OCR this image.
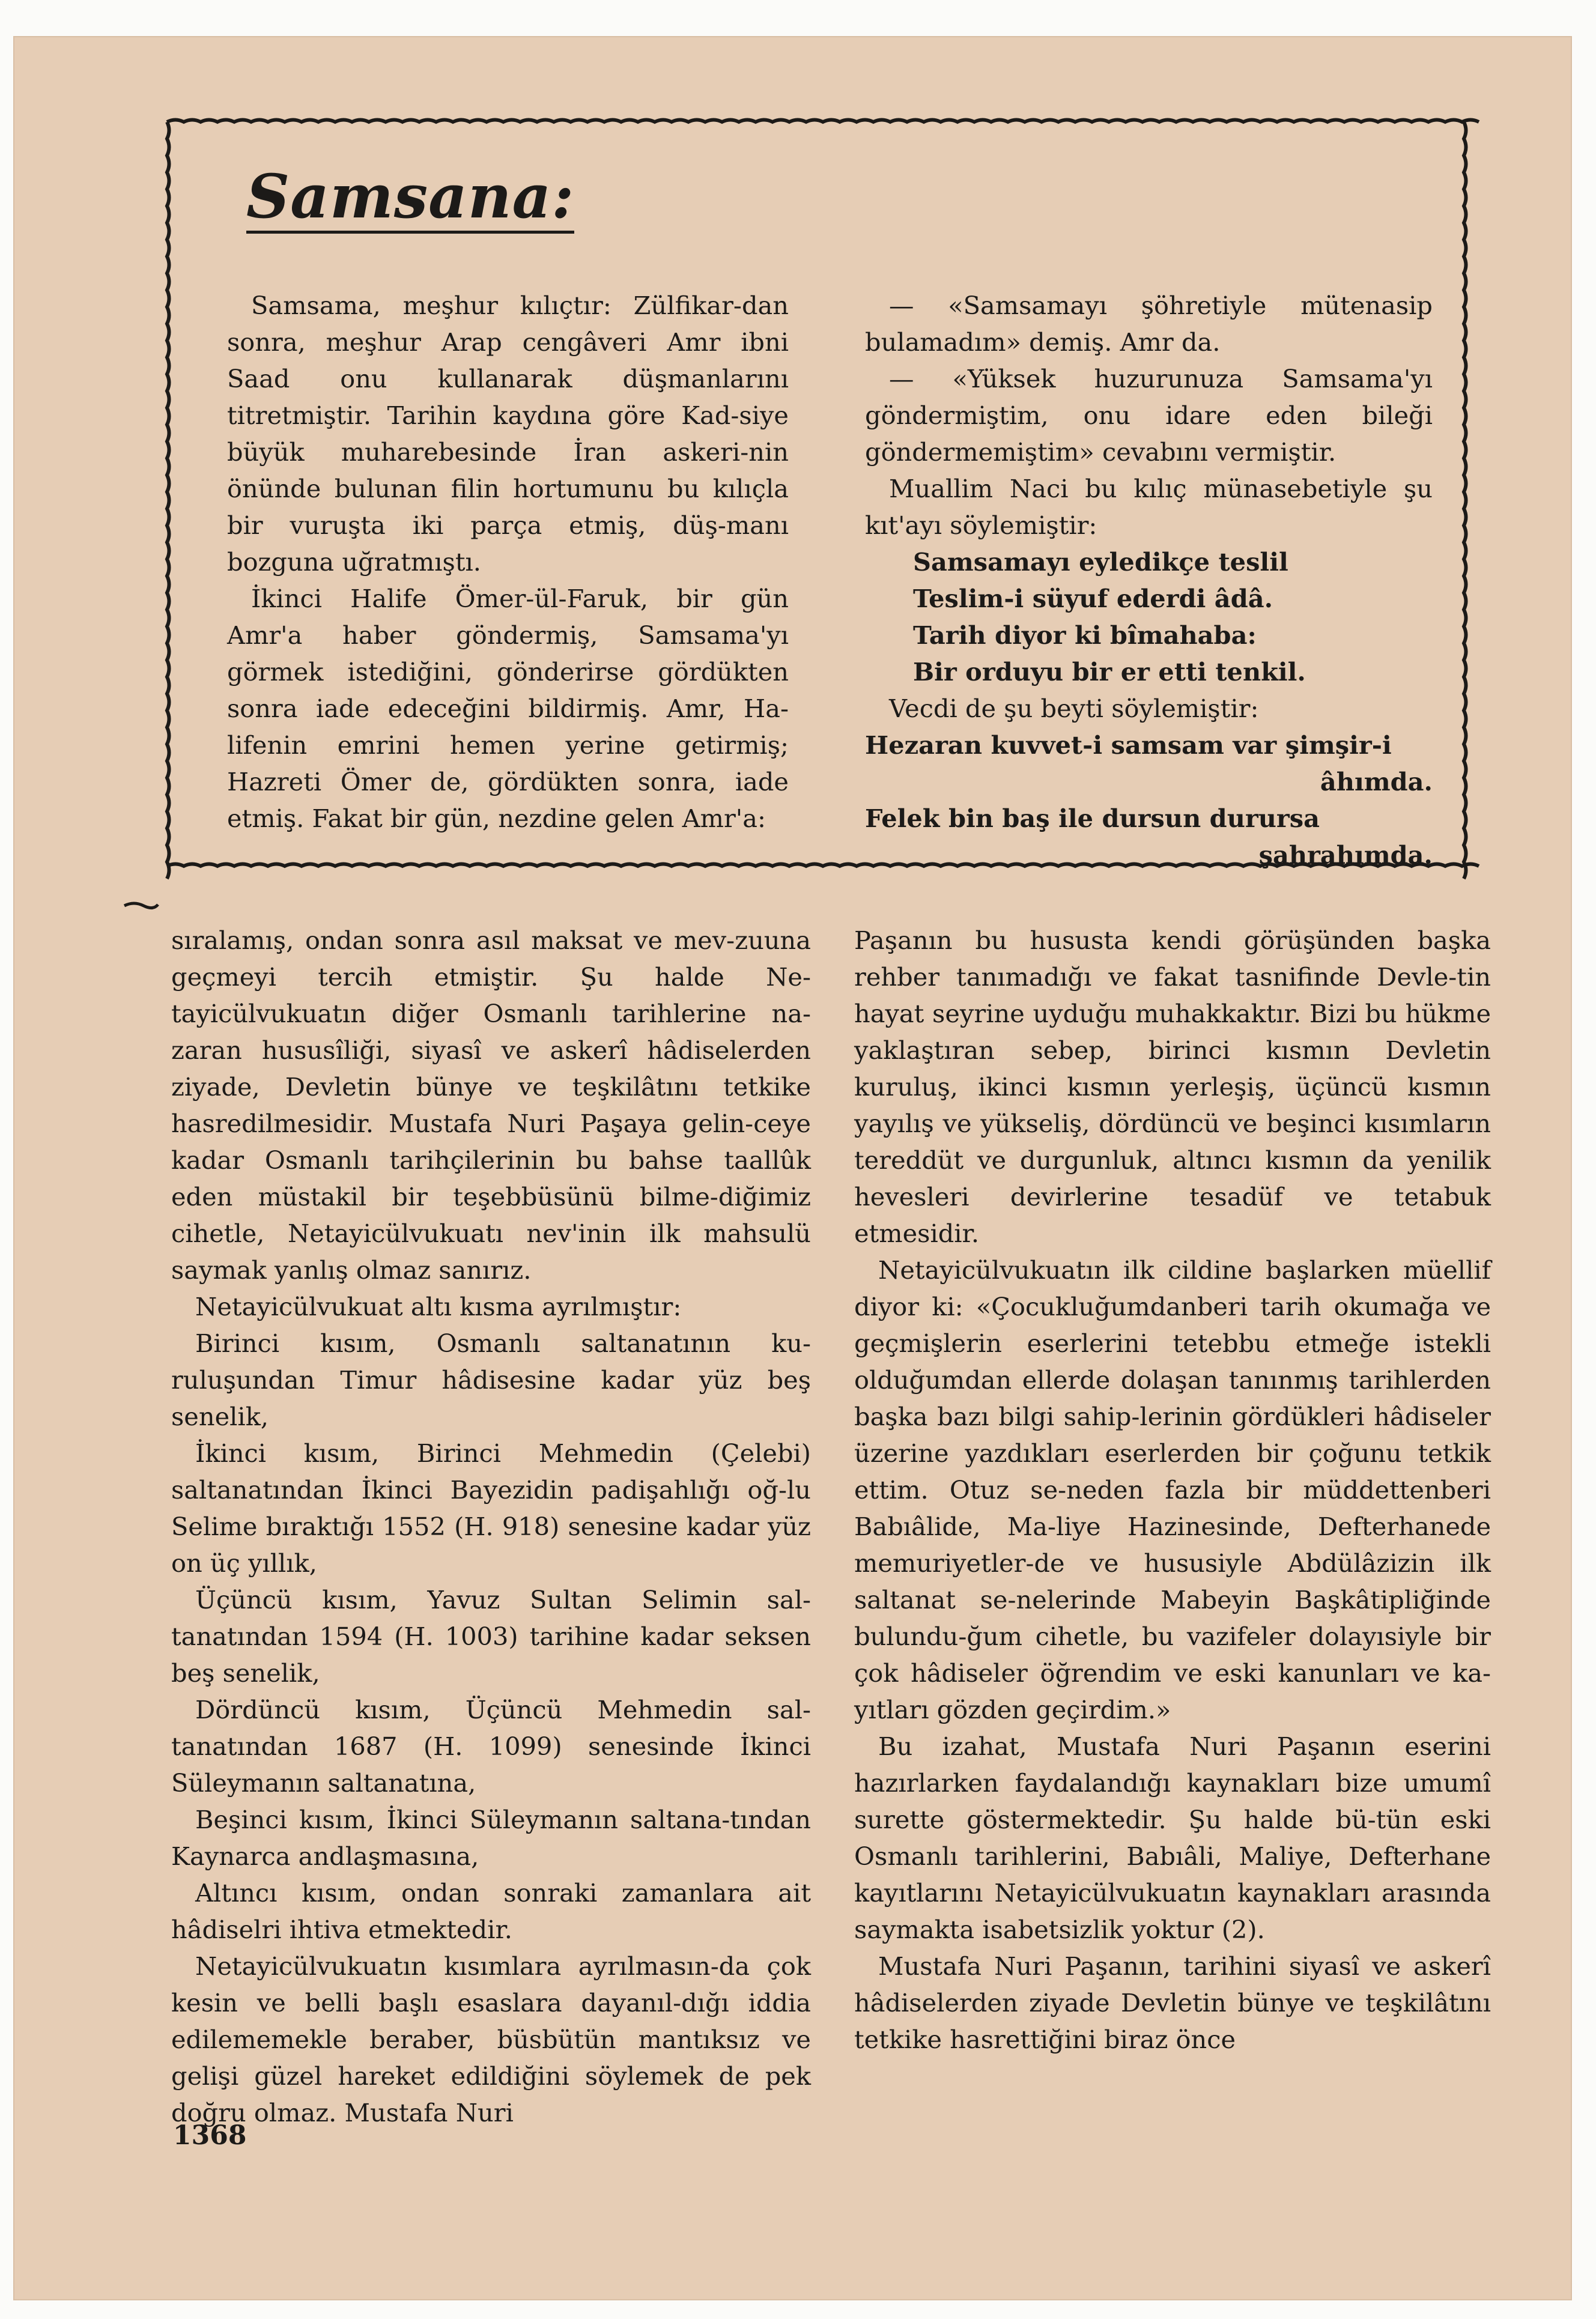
Samsana:

Samsama, meşhur kılıçtır: Zülfikar-dan sonra, meşhur Arap cengâveri Amr ibni Saad onu kullanarak düşmanlarını titretmiştir. Tarihin kaydına göre Kad-siye büyük muharebesinde İran askeri-nin önünde bulunan filin hortumunu bu kılıçla bir vuruşta iki parça etmiş, düş-manı bozguna uğratmıştı.

İkinci Halife Ömer-ül-Faruk, bir gün Amr'a haber göndermiş, Samsama'yı görmek istediğini, gönderirse gördükten sonra iade edeceğini bildirmiş. Amr, Ha-lifenin emrini hemen yerine getirmiş; Hazreti Ömer de, gördükten sonra, iade etmiş. Fakat bir gün, nezdine gelen Amr'a:

— «Samsamayı şöhretiyle mütenasip bulamadım» demiş. Amr da.

— «Yüksek huzurunuza Samsama'yı göndermiştim, onu idare eden bileği göndermemiştim» cevabını vermiştir.

Muallim Naci bu kılıç münasebetiyle şu kıt'ayı söylemiştir:

Samsamayı eyledikçe teslil

Teslim-i süyuf ederdi âdâ.

Tarih diyor ki bîmahaba:

Bir orduyu bir er etti tenkil.

Vecdi de şu beyti söylemiştir:

Hezaran kuvvet-i samsam var şimşir-i

âhımda.

Felek bin baş ile dursun durursa

şahrahımda.

sıralamış, ondan sonra asıl maksat ve mev-zuuna geçmeyi tercih etmiştir. Şu halde Ne-tayicülvukuatın diğer Osmanlı tarihlerine na-zaran hususîliği, siyasî ve askerî hâdiselerden ziyade, Devletin bünye ve teşkilâtını tetkike hasredilmesidir. Mustafa Nuri Paşaya gelin-ceye kadar Osmanlı tarihçilerinin bu bahse taallûk eden müstakil bir teşebbüsünü bilme-diğimiz cihetle, Netayicülvukuatı nev'inin ilk mahsulü saymak yanlış olmaz sanırız.

Netayicülvukuat altı kısma ayrılmıştır:

Birinci kısım, Osmanlı saltanatının ku-ruluşundan Timur hâdisesine kadar yüz beş senelik,

İkinci kısım, Birinci Mehmedin (Çelebi) saltanatından İkinci Bayezidin padişahlığı oğ-lu Selime bıraktığı 1552 (H. 918) senesine kadar yüz on üç yıllık,

Üçüncü kısım, Yavuz Sultan Selimin sal-tanatından 1594 (H. 1003) tarihine kadar seksen beş senelik,

Dördüncü kısım, Üçüncü Mehmedin sal-tanatından 1687 (H. 1099) senesinde İkinci Süleymanın saltanatına,

Beşinci kısım, İkinci Süleymanın saltana-tından Kaynarca andlaşmasına,

Altıncı kısım, ondan sonraki zamanlara ait hâdiselri ihtiva etmektedir.

Netayicülvukuatın kısımlara ayrılmasın-da çok kesin ve belli başlı esaslara dayanıl-dığı iddia edilememekle beraber, büsbütün mantıksız ve gelişi güzel hareket edildiğini söylemek de pek doğru olmaz. Mustafa Nuri

Paşanın bu hususta kendi görüşünden başka rehber tanımadığı ve fakat tasnifinde Devle-tin hayat seyrine uyduğu muhakkaktır. Bizi bu hükme yaklaştıran sebep, birinci kısmın Devletin kuruluş, ikinci kısmın yerleşiş, üçüncü kısmın yayılış ve yükseliş, dördüncü ve beşinci kısımların tereddüt ve durgunluk, altıncı kısmın da yenilik hevesleri devirlerine tesadüf ve tetabuk etmesidir.

Netayicülvukuatın ilk cildine başlarken müellif diyor ki: «Çocukluğumdanberi tarih okumağa ve geçmişlerin eserlerini tetebbu etmeğe istekli olduğumdan ellerde dolaşan tanınmış tarihlerden başka bazı bilgi sahip-lerinin gördükleri hâdiseler üzerine yazdıkları eserlerden bir çoğunu tetkik ettim. Otuz se-neden fazla bir müddettenberi Babıâlide, Ma-liye Hazinesinde, Defterhanede memuriyetler-de ve hususiyle Abdülâzizin ilk saltanat se-nelerinde Mabeyin Başkâtipliğinde bulundu-ğum cihetle, bu vazifeler dolayısiyle bir çok hâdiseler öğrendim ve eski kanunları ve ka-yıtları gözden geçirdim.»

Bu izahat, Mustafa Nuri Paşanın eserini hazırlarken faydalandığı kaynakları bize umumî surette göstermektedir. Şu halde bü-tün eski Osmanlı tarihlerini, Babıâli, Maliye, Defterhane kayıtlarını Netayicülvukuatın kaynakları arasında saymakta isabetsizlik yoktur (2).

Mustafa Nuri Paşanın, tarihini siyasî ve askerî hâdiselerden ziyade Devletin bünye ve teşkilâtını tetkike hasrettiğini biraz önce

1368
